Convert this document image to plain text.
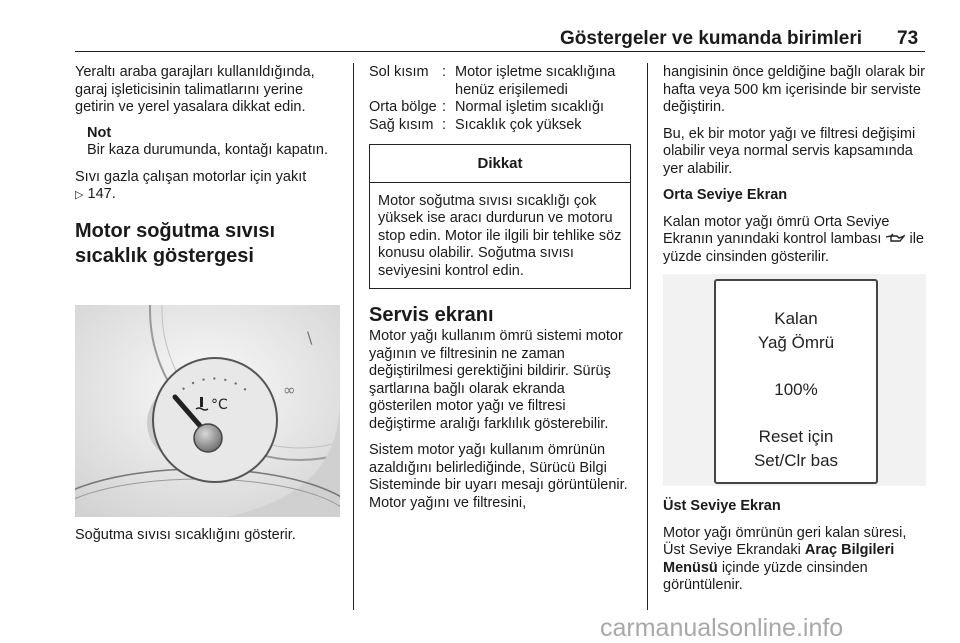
Göstergeler ve kumanda birimleri 73

Yeraltı araba garajları kullanıldığında, garaj işleticisinin talimatlarını yerine getirin ve yerel yasalara dikkat edin.

Not

Bir kaza durumunda, kontağı kapatın.

Sıvı gazla çalışan motorlar için yakıt
▷ 147.

Motor soğutma sıvısı sıcaklık göstergesi

°C
\
∞

Soğutma sıvısı sıcaklığını gösterir.

Sol kısım : Motor işletme sıcaklığına henüz erişilemedi
Orta bölge : Normal işletim sıcaklığı
Sağ kısım : Sıcaklık çok yüksek
Dikkat
Motor soğutma sıvısı sıcaklığı çok yüksek ise aracı durdurun ve motoru stop edin. Motor ile ilgili bir tehlike söz konusu olabilir. Soğutma sıvısı seviyesini kontrol edin.

Servis ekranı

Motor yağı kullanım ömrü sistemi motor yağının ve filtresinin ne zaman değiştirilmesi gerektiğini bildirir. Sürüş şartlarına bağlı olarak ekranda gösterilen motor yağı ve filtresi değiştirme aralığı farklılık gösterebilir.

Sistem motor yağı kullanım ömrünün azaldığını belirlediğinde, Sürücü Bilgi Sisteminde bir uyarı mesajı görüntülenir. Motor yağını ve filtresini,

hangisinin önce geldiğine bağlı olarak bir hafta veya 500 km içerisinde bir serviste değiştirin.

Bu, ek bir motor yağı ve filtresi değişimi olabilir veya normal servis kapsamında yer alabilir.

Orta Seviye Ekran

Kalan motor yağı ömrü Orta Seviye Ekranın yanındaki kontrol lambası ile yüzde cinsinden gösterilir.

Kalan
Yağ Ömrü
100%
Reset için
Set/Clr bas

Üst Seviye Ekran

Motor yağı ömrünün geri kalan süresi, Üst Seviye Ekrandaki Araç Bilgileri Menüsü içinde yüzde cinsinden görüntülenir.

carmanualsonline.info
